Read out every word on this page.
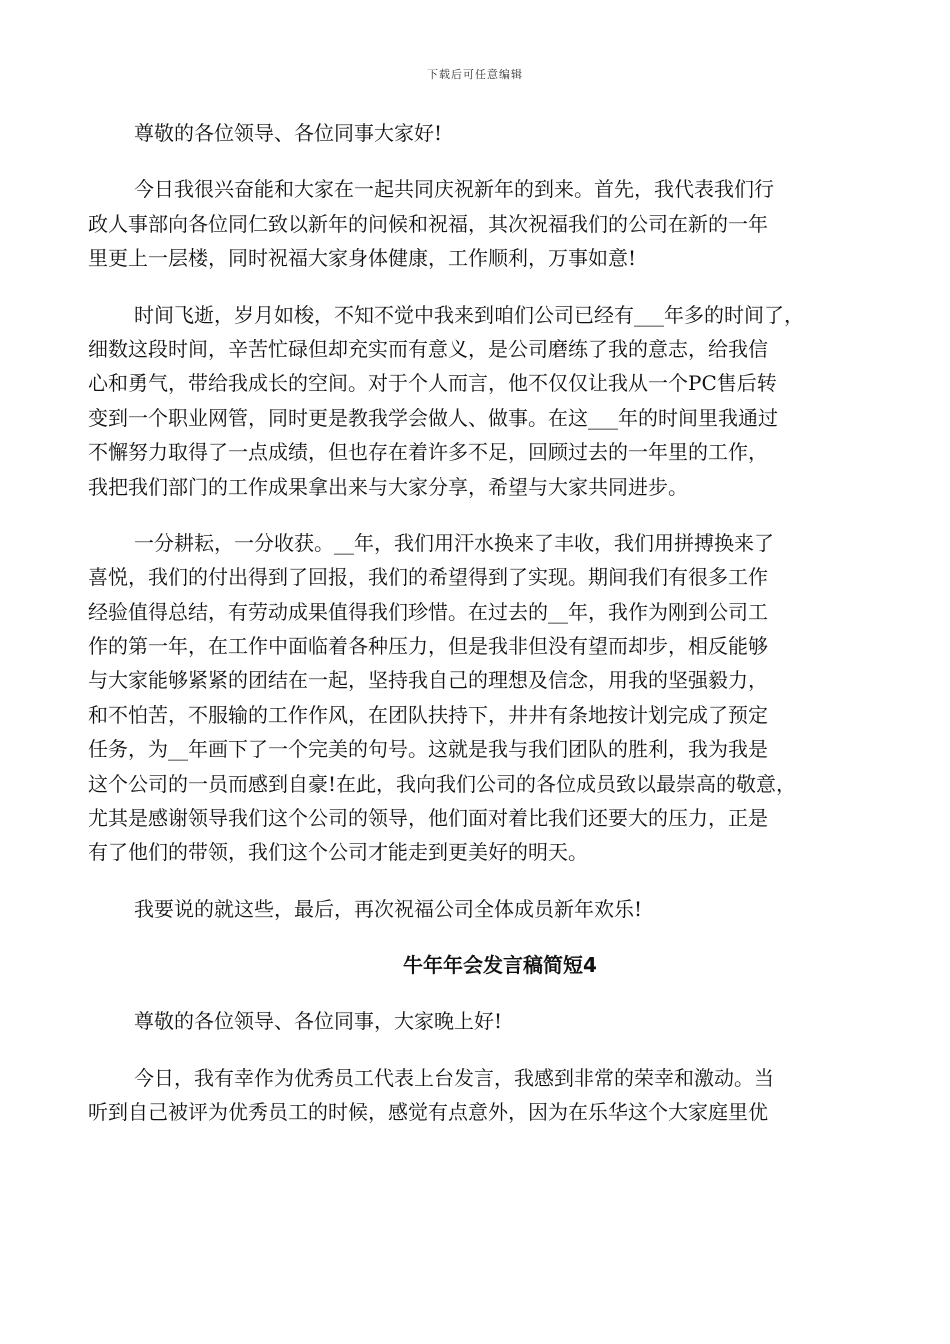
下载后可任意编辑
尊敬的各位领导、各位同事大家好!
今日我很兴奋能和大家在一起共同庆祝新年的到来。首先，我代表我们行
政人事部向各位同仁致以新年的问候和祝福，其次祝福我们的公司在新的一年
里更上一层楼，同时祝福大家身体健康，工作顺利，万事如意!
时间飞逝，岁月如梭，不知不觉中我来到咱们公司已经有___年多的时间了，
细数这段时间，辛苦忙碌但却充实而有意义，是公司磨练了我的意志，给我信
心和勇气，带给我成长的空间。对于个人而言，他不仅仅让我从一个PC售后转
变到一个职业网管，同时更是教我学会做人、做事。在这___年的时间里我通过
不懈努力取得了一点成绩，但也存在着许多不足，回顾过去的一年里的工作，
我把我们部门的工作成果拿出来与大家分享，希望与大家共同进步。
一分耕耘，一分收获。__年，我们用汗水换来了丰收，我们用拼搏换来了
喜悦，我们的付出得到了回报，我们的希望得到了实现。期间我们有很多工作
经验值得总结，有劳动成果值得我们珍惜。在过去的__年，我作为刚到公司工
作的第一年，在工作中面临着各种压力，但是我非但没有望而却步，相反能够
与大家能够紧紧的团结在一起，坚持我自己的理想及信念，用我的坚强毅力，
和不怕苦，不服输的工作作风，在团队扶持下，井井有条地按计划完成了预定
任务，为__年画下了一个完美的句号。这就是我与我们团队的胜利，我为我是
这个公司的一员而感到自豪!在此，我向我们公司的各位成员致以最崇高的敬意，
尤其是感谢领导我们这个公司的领导，他们面对着比我们还要大的压力，正是
有了他们的带领，我们这个公司才能走到更美好的明天。
我要说的就这些，最后，再次祝福公司全体成员新年欢乐!
牛年年会发言稿简短4
尊敬的各位领导、各位同事，大家晚上好!
今日，我有幸作为优秀员工代表上台发言，我感到非常的荣幸和激动。当
听到自己被评为优秀员工的时候，感觉有点意外，因为在乐华这个大家庭里优
